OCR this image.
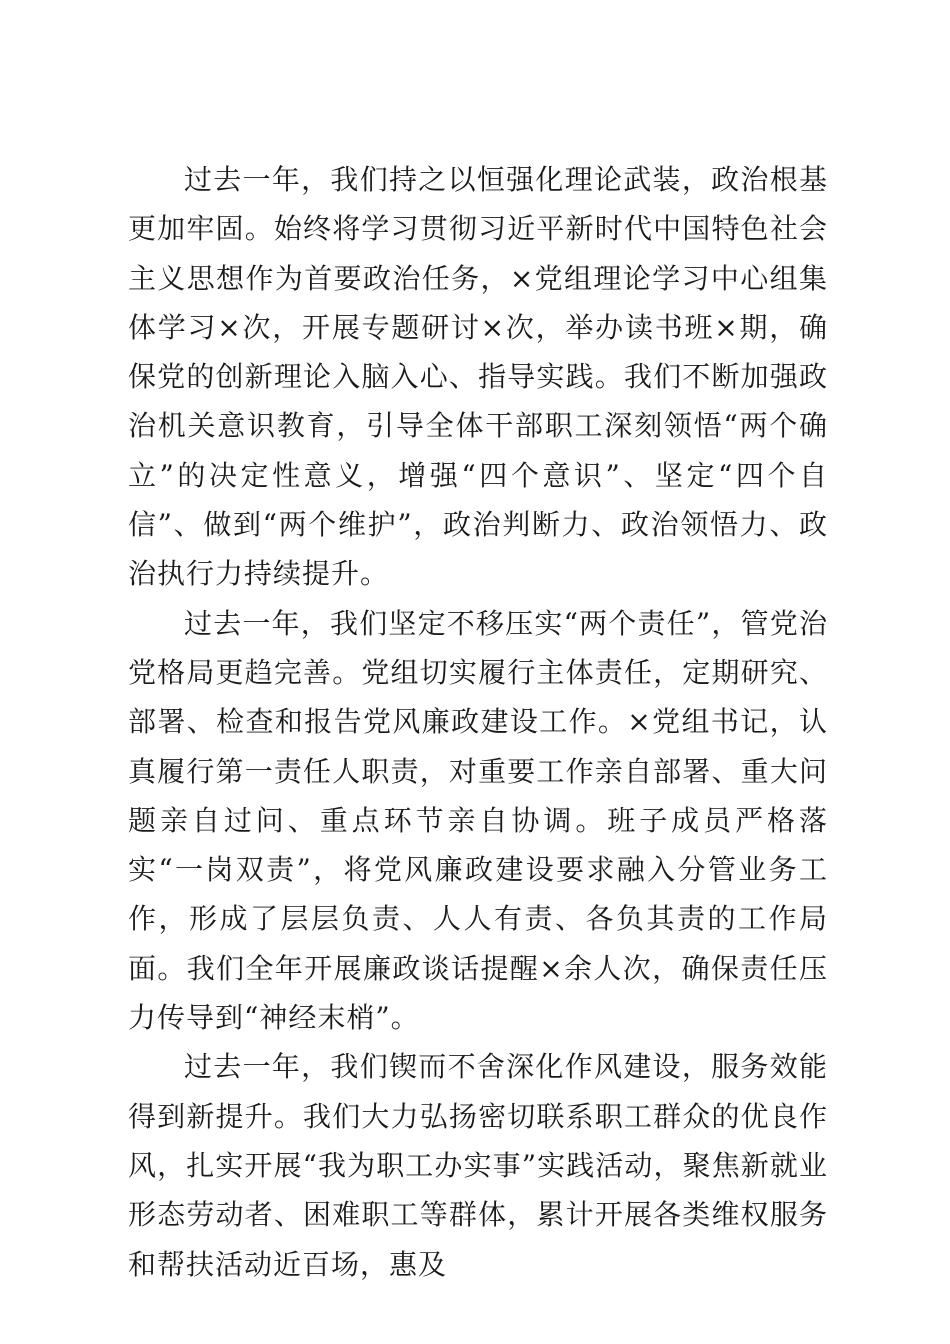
过去一年，我们持之以恒强化理论武装，政治根基更加牢固。始终将学习贯彻习近平新时代中国特色社会主义思想作为首要政治任务，×党组理论学习中心组集体学习×次，开展专题研讨×次，举办读书班×期，确保党的创新理论入脑入心、指导实践。我们不断加强政治机关意识教育，引导全体干部职工深刻领悟“两个确立”的决定性意义，增强“四个意识”、坚定“四个自信”、做到“两个维护”，政治判断力、政治领悟力、政治执行力持续提升。

过去一年，我们坚定不移压实“两个责任”，管党治党格局更趋完善。党组切实履行主体责任，定期研究、部署、检查和报告党风廉政建设工作。×党组书记，认真履行第一责任人职责，对重要工作亲自部署、重大问题亲自过问、重点环节亲自协调。班子成员严格落实“一岗双责”，将党风廉政建设要求融入分管业务工作，形成了层层负责、人人有责、各负其责的工作局面。我们全年开展廉政谈话提醒×余人次，确保责任压力传导到“神经末梢”。

过去一年，我们锲而不舍深化作风建设，服务效能得到新提升。我们大力弘扬密切联系职工群众的优良作风，扎实开展“我为职工办实事”实践活动，聚焦新就业形态劳动者、困难职工等群体，累计开展各类维权服务和帮扶活动近百场，惠及
